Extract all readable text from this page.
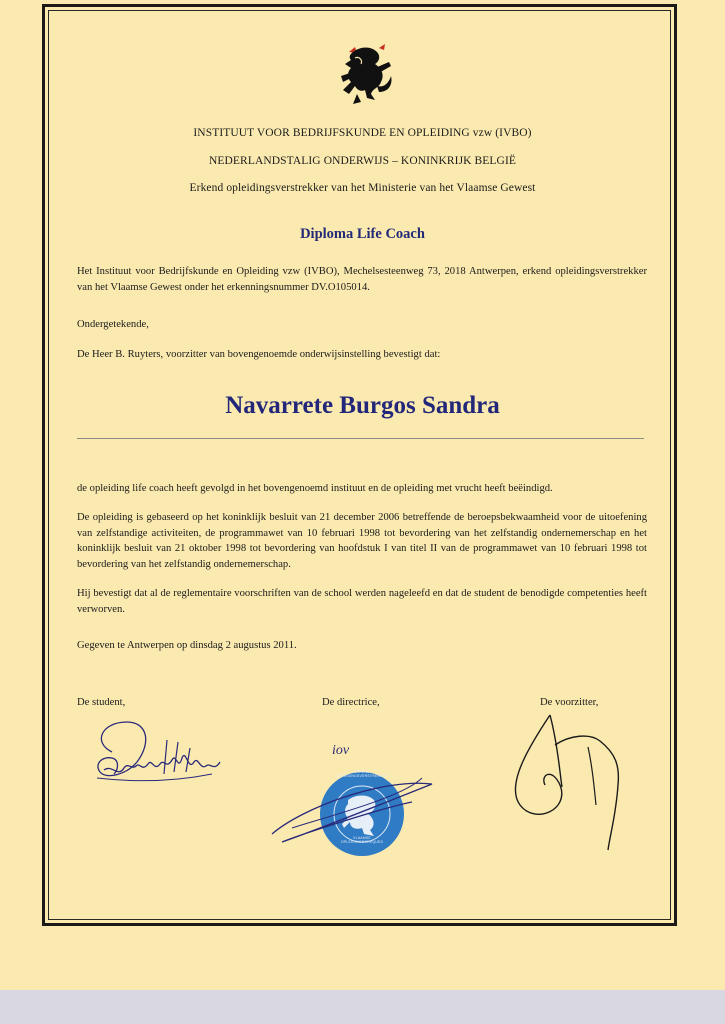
INSTITUUT VOOR BEDRIJFSKUNDE EN OPLEIDING vzw (IVBO)
NEDERLANDSTALIG ONDERWIJS – KONINKRIJK BELGIË
Erkend opleidingsverstrekker van het Ministerie van het Vlaamse Gewest
Diploma Life Coach

Het Instituut voor Bedrijfskunde en Opleiding vzw (IVBO), Mechelsesteenweg 73, 2018 Antwerpen, erkend opleidingsverstrekker van het Vlaamse Gewest onder het erkenningsnummer DV.O105014.

Ondergetekende,

De Heer B. Ruyters, voorzitter van bovengenoemde onderwijsinstelling bevestigt dat:

Navarrete Burgos Sandra

de opleiding life coach heeft gevolgd in het bovengenoemd instituut en de opleiding met vrucht heeft beëindigd.

De opleiding is gebaseerd op het koninklijk besluit van 21 december 2006 betreffende de beroepsbekwaamheid voor de uitoefening van zelfstandige activiteiten, de programmawet van 10 februari 1998 tot bevordering van het zelfstandig ondernemerschap en het koninklijk besluit van 21 oktober 1998 tot bevordering van hoofdstuk I van titel II van de programmawet van 10 februari 1998 tot bevordering van het zelfstandig ondernemerschap.

Hij bevestigt dat al de reglementaire voorschriften van de school werden nageleefd en dat de student de benodigde competenties heeft verworven.

Gegeven te Antwerpen op dinsdag 2 augustus 2011.

De student,	De directrice,	De voorzitter,
iov
ERKEND OPLEIDINGSVERSTREKKER
VLAAMSE OPLEIDINGSCHEQUES
